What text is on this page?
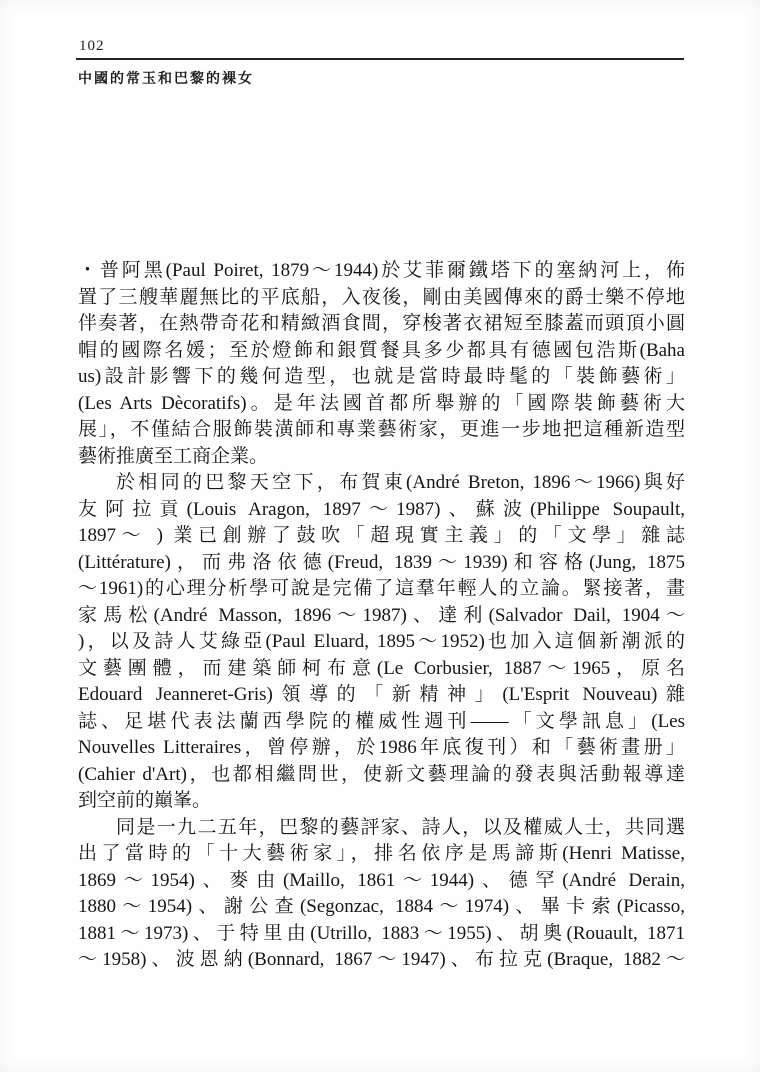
102
中國的常玉和巴黎的裸女
・普阿黑(Paul Poiret, 1879～1944)於艾菲爾鐵塔下的塞納河上，佈
置了三艘華麗無比的平底船，入夜後，剛由美國傳來的爵士樂不停地
伴奏著，在熱帶奇花和精緻酒食間，穿梭著衣裙短至膝蓋而頭頂小圓
帽的國際名媛；至於燈飾和銀質餐具多少都具有德國包浩斯(Baha
us)設計影響下的幾何造型，也就是當時最時髦的「裝飾藝術」
(Les Arts Dècoratifs)。是年法國首都所舉辦的「國際裝飾藝術大
展」，不僅結合服飾裝潢師和專業藝術家，更進一步地把這種新造型
藝術推廣至工商企業。
於相同的巴黎天空下，布賀東(André Breton, 1896～1966)與好
友阿拉貢(Louis Aragon, 1897～1987)、蘇波(Philippe Soupault,
1897～ ) 業已創辦了鼓吹「超現實主義」的「文學」雜誌
(Littérature)，而弗洛依德(Freud, 1839～1939)和容格(Jung, 1875
～1961)的心理分析學可說是完備了這羣年輕人的立論。緊接著，畫
家馬松(André Masson, 1896～1987)、達利(Salvador Dail, 1904～
)，以及詩人艾綠亞(Paul Eluard, 1895～1952)也加入這個新潮派的
文藝團體，而建築師柯布意(Le Corbusier, 1887～1965，原名
Edouard Jeanneret-Gris)領導的「新精神」(L'Esprit Nouveau)雜
誌、足堪代表法蘭西學院的權威性週刊——「文學訊息」(Les
Nouvelles Litteraires，曾停辦，於1986年底復刊）和「藝術畫册」
(Cahier d'Art)，也都相繼問世，使新文藝理論的發表與活動報導達
到空前的巔峯。
同是一九二五年，巴黎的藝評家、詩人，以及權威人士，共同選
出了當時的「十大藝術家」，排名依序是馬諦斯(Henri Matisse,
1869～1954)、麥由(Maillo, 1861～1944)、德罕(André Derain,
1880～1954)、謝公查(Segonzac, 1884～1974)、畢卡索(Picasso,
1881～1973)、于特里由(Utrillo, 1883～1955)、胡奧(Rouault, 1871
～1958)、波恩納(Bonnard, 1867～1947)、布拉克(Braque, 1882～
